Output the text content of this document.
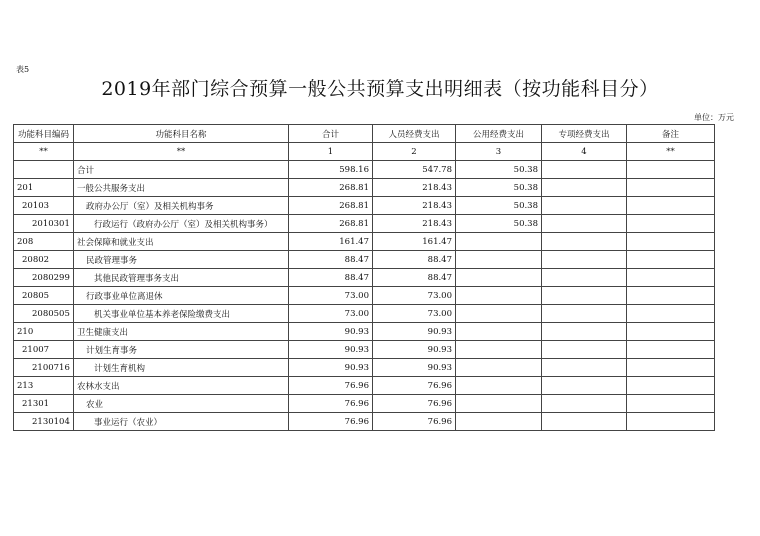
表5
2019年部门综合预算一般公共预算支出明细表（按功能科目分）
单位：万元
功能科目编码	功能科目名称	合计	人员经费支出	公用经费支出	专项经费支出	备注
**	**	1	2	3	4	**
	合计	598.16	547.78	50.38		
201	一般公共服务支出	268.81	218.43	50.38		
20103	政府办公厅（室）及相关机构事务	268.81	218.43	50.38		
2010301	行政运行（政府办公厅（室）及相关机构事务）	268.81	218.43	50.38		
208	社会保障和就业支出	161.47	161.47			
20802	民政管理事务	88.47	88.47			
2080299	其他民政管理事务支出	88.47	88.47			
20805	行政事业单位离退休	73.00	73.00			
2080505	机关事业单位基本养老保险缴费支出	73.00	73.00			
210	卫生健康支出	90.93	90.93			
21007	计划生育事务	90.93	90.93			
2100716	计划生育机构	90.93	90.93			
213	农林水支出	76.96	76.96			
21301	农业	76.96	76.96			
2130104	事业运行（农业）	76.96	76.96			
